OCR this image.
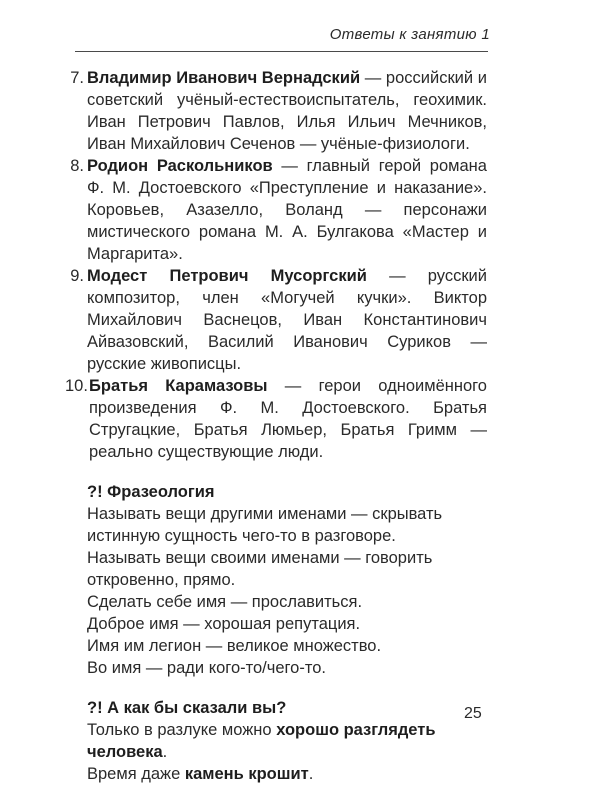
Ответы к занятию 1
7. Владимир Иванович Вернадский — российский и советский учёный-естествоиспытатель, геохимик. Иван Петрович Павлов, Илья Ильич Мечников, Иван Михайлович Сеченов — учёные-физиологи.
8. Родион Раскольников — главный герой романа Ф. М. Достоевского «Преступление и наказание». Коровьев, Азазелло, Воланд — персонажи мистического романа М. А. Булгакова «Мастер и Маргарита».
9. Модест Петрович Мусоргский — русский композитор, член «Могучей кучки». Виктор Михайлович Васнецов, Иван Константинович Айвазовский, Василий Иванович Суриков — русские живописцы.
10. Братья Карамазовы — герои одноимённого произведения Ф. М. Достоевского. Братья Стругацкие, Братья Люмьер, Братья Гримм — реально существующие люди.
?! Фразеология
Называть вещи другими именами — скрывать истинную сущность чего-то в разговоре.
Называть вещи своими именами — говорить откровенно, прямо.
Сделать себе имя — прославиться.
Доброе имя — хорошая репутация.
Имя им легион — великое множество.
Во имя — ради кого-то/чего-то.
?! А как бы сказали вы?
Только в разлуке можно хорошо разглядеть человека.
Время даже камень крошит.
25
